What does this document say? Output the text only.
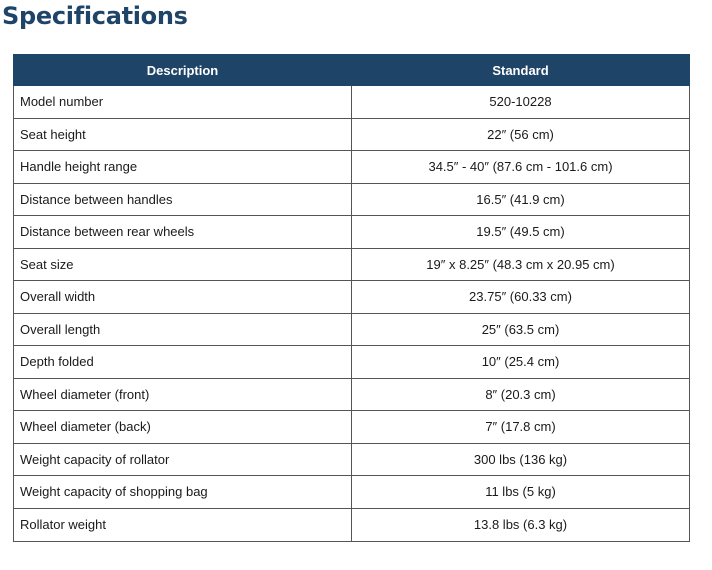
Specifications
Description	Standard
Model number	520-10228
Seat height	22″ (56 cm)
Handle height range	34.5″ - 40″ (87.6 cm - 101.6 cm)
Distance between handles	16.5″ (41.9 cm)
Distance between rear wheels	19.5″ (49.5 cm)
Seat size	19″ x 8.25″ (48.3 cm x 20.95 cm)
Overall width	23.75″ (60.33 cm)
Overall length	25″ (63.5 cm)
Depth folded	10″ (25.4 cm)
Wheel diameter (front)	8″ (20.3 cm)
Wheel diameter (back)	7″ (17.8 cm)
Weight capacity of rollator	300 lbs (136 kg)
Weight capacity of shopping bag	11 lbs (5 kg)
Rollator weight	13.8 lbs (6.3 kg)
